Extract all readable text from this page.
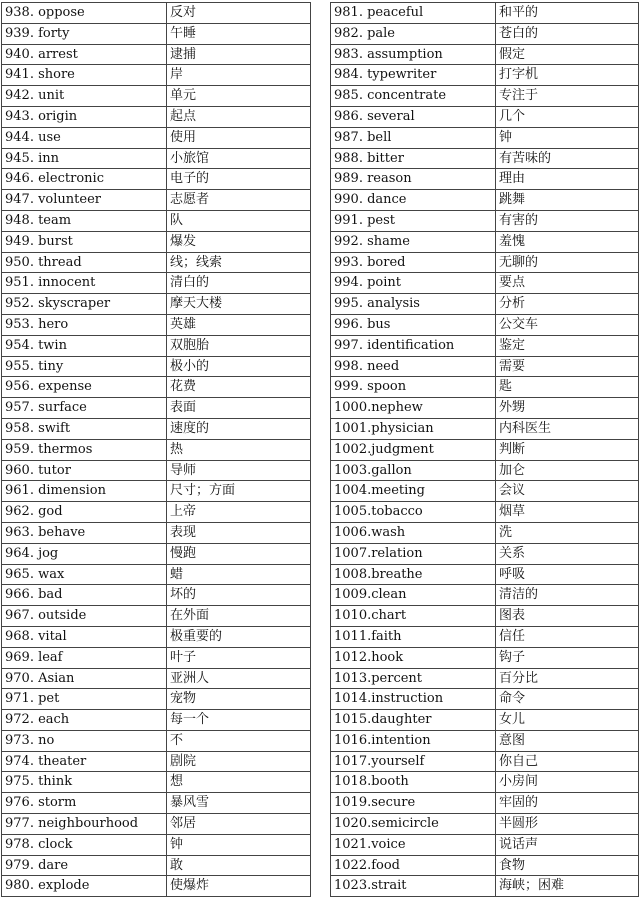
938. oppose	反对
939. forty	午睡
940. arrest	逮捕
941. shore	岸
942. unit	单元
943. origin	起点
944. use	使用
945. inn	小旅馆
946. electronic	电子的
947. volunteer	志愿者
948. team	队
949. burst	爆发
950. thread	线；线索
951. innocent	清白的
952. skyscraper	摩天大楼
953. hero	英雄
954. twin	双胞胎
955. tiny	极小的
956. expense	花费
957. surface	表面
958. swift	速度的
959. thermos	热
960. tutor	导师
961. dimension	尺寸；方面
962. god	上帝
963. behave	表现
964. jog	慢跑
965. wax	蜡
966. bad	坏的
967. outside	在外面
968. vital	极重要的
969. leaf	叶子
970. Asian	亚洲人
971. pet	宠物
972. each	每一个
973. no	不
974. theater	剧院
975. think	想
976. storm	暴风雪
977. neighbourhood	邻居
978. clock	钟
979. dare	敢
980. explode	使爆炸
981. peaceful	和平的
982. pale	苍白的
983. assumption	假定
984. typewriter	打字机
985. concentrate	专注于
986. several	几个
987. bell	钟
988. bitter	有苦味的
989. reason	理由
990. dance	跳舞
991. pest	有害的
992. shame	羞愧
993. bored	无聊的
994. point	要点
995. analysis	分析
996. bus	公交车
997. identification	鉴定
998. need	需要
999. spoon	匙
1000.nephew	外甥
1001.physician	内科医生
1002.judgment	判断
1003.gallon	加仑
1004.meeting	会议
1005.tobacco	烟草
1006.wash	洗
1007.relation	关系
1008.breathe	呼吸
1009.clean	清洁的
1010.chart	图表
1011.faith	信任
1012.hook	钩子
1013.percent	百分比
1014.instruction	命令
1015.daughter	女儿
1016.intention	意图
1017.yourself	你自己
1018.booth	小房间
1019.secure	牢固的
1020.semicircle	半圆形
1021.voice	说话声
1022.food	食物
1023.strait	海峡；困难
